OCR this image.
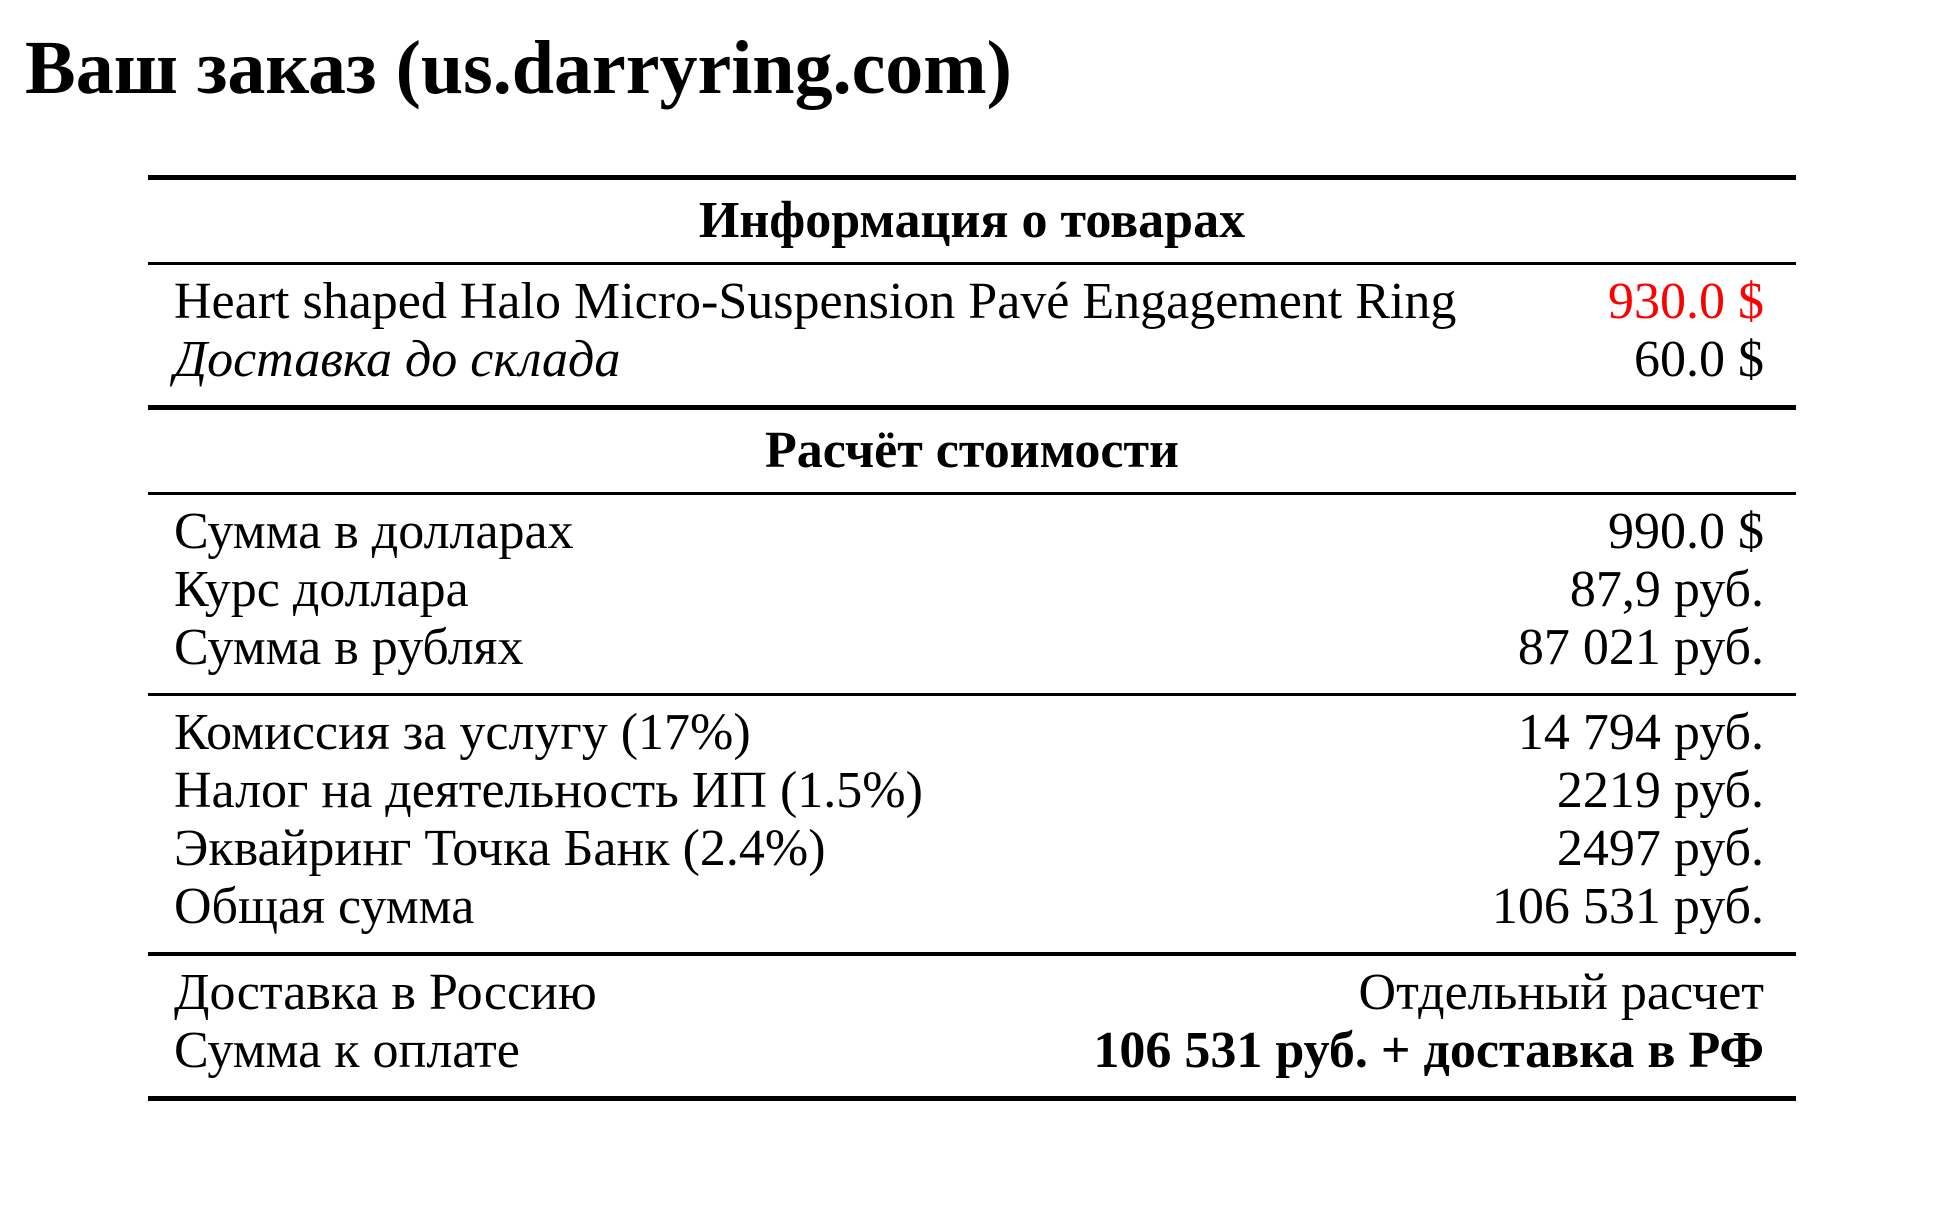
Ваш заказ (us.darryring.com)
Информация о товарах
Heart shaped Halo Micro-Suspension Pavé Engagement Ring	930.0 $
Доставка до склада	60.0 $
Расчёт стоимости
Сумма в долларах	990.0 $
Курс доллара	87,9 руб.
Сумма в рублях	87 021 руб.
Комиссия за услугу (17%)	14 794 руб.
Налог на деятельность ИП (1.5%)	2219 руб.
Эквайринг Точка Банк (2.4%)	2497 руб.
Общая сумма	106 531 руб.
Доставка в Россию	Отдельный расчет
Сумма к оплате	106 531 руб. + доставка в РФ
